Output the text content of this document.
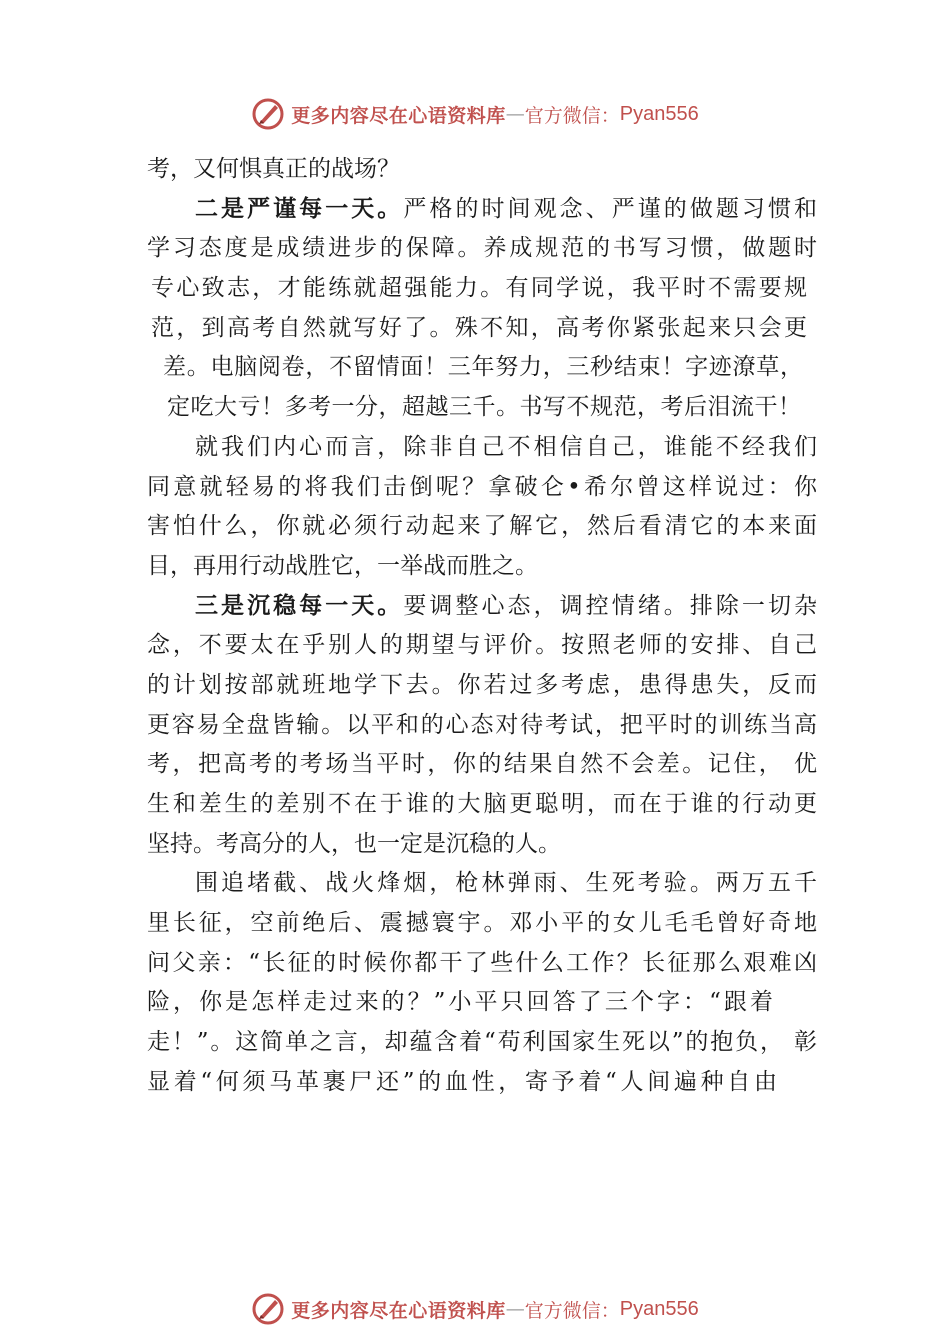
更多内容尽在心语资料库 — 官方微信： Pyan556
考，又何惧真正的战场？
二是严谨每一天。严格的时间观念、严谨的做题习惯和
学习态度是成绩进步的保障。养成规范的书写习惯，做题时
专心致志，才能练就超强能力。有同学说，我平时不需要规
范，到高考自然就写好了。殊不知，高考你紧张起来只会更
差。电脑阅卷，不留情面！三年努力，三秒结束！字迹潦草，
定吃大亏！多考一分，超越三千。书写不规范，考后泪流干！
就我们内心而言，除非自己不相信自己，谁能不经我们
同意就轻易的将我们击倒呢？拿破仑•希尔曾这样说过：你
害怕什么，你就必须行动起来了解它，然后看清它的本来面
目，再用行动战胜它，一举战而胜之。
三是沉稳每一天。要调整心态，调控情绪。排除一切杂
念，不要太在乎别人的期望与评价。按照老师的安排、自己
的计划按部就班地学下去。你若过多考虑，患得患失，反而
更容易全盘皆输。以平和的心态对待考试，把平时的训练当高
考，把高考的考场当平时，你的结果自然不会差。记住， 优
生和差生的差别不在于谁的大脑更聪明，而在于谁的行动更
坚持。考高分的人，也一定是沉稳的人。
围追堵截、战火烽烟，枪林弹雨、生死考验。两万五千
里长征，空前绝后、震撼寰宇。邓小平的女儿毛毛曾好奇地
问父亲：“长征的时候你都干了些什么工作？长征那么艰难凶
险，你是怎样走过来的？”小平只回答了三个字：“跟着
走！”。这简单之言，却蕴含着“苟利国家生死以”的抱负， 彰
显着“何须马革裹尸还”的血性，寄予着“人间遍种自由
更多内容尽在心语资料库 — 官方微信： Pyan556
